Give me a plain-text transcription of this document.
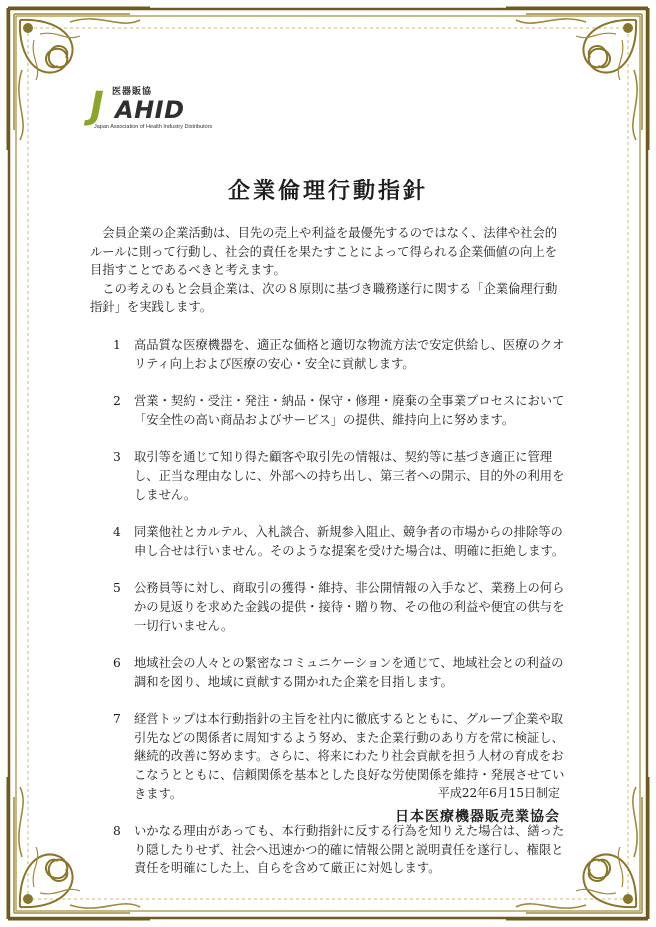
医器販協
J AHID
Japan Association of Health Industry Distributors
企業倫理行動指針

会員企業の企業活動は、目先の売上や利益を最優先するのではなく、法律や社会的ルールに則って行動し、社会的責任を果たすことによって得られる企業価値の向上を目指すことであるべきと考えます。

この考えのもと会員企業は、次の８原則に基づき職務遂行に関する「企業倫理行動指針」を実践します。

1	高品質な医療機器を、適正な価格と適切な物流方法で安定供給し、医療のクオリティ向上および医療の安心・安全に貢献します。
2	営業・契約・受注・発注・納品・保守・修理・廃棄の全事業プロセスにおいて「安全性の高い商品およびサービス」の提供、維持向上に努めます。
3	取引等を通じて知り得た顧客や取引先の情報は、契約等に基づき適正に管理し、正当な理由なしに、外部への持ち出し、第三者への開示、目的外の利用をしません。
4	同業他社とカルテル、入札談合、新規参入阻止、競争者の市場からの排除等の申し合せは行いません。そのような提案を受けた場合は、明確に拒絶します。
5	公務員等に対し、商取引の獲得・維持、非公開情報の入手など、業務上の何らかの見返りを求めた金銭の提供・接待・贈り物、その他の利益や便宜の供与を一切行いません。
6	地域社会の人々との緊密なコミュニケーションを通じて、地域社会との利益の調和を図り、地域に貢献する開かれた企業を目指します。
7	経営トップは本行動指針の主旨を社内に徹底するとともに、グループ企業や取引先などの関係者に周知するよう努め、また企業行動のあり方を常に検証し、継続的改善に努めます。さらに、将来にわたり社会貢献を担う人材の育成をおこなうとともに、信頼関係を基本とした良好な労使関係を維持・発展させていきます。
8	いかなる理由があっても、本行動指針に反する行為を知りえた場合は、繕ったり隠したりせず、社会へ迅速かつ的確に情報公開と説明責任を遂行し、権限と責任を明確にした上、自らを含めて厳正に対処します。
平成22年6月15日制定
日本医療機器販売業協会
